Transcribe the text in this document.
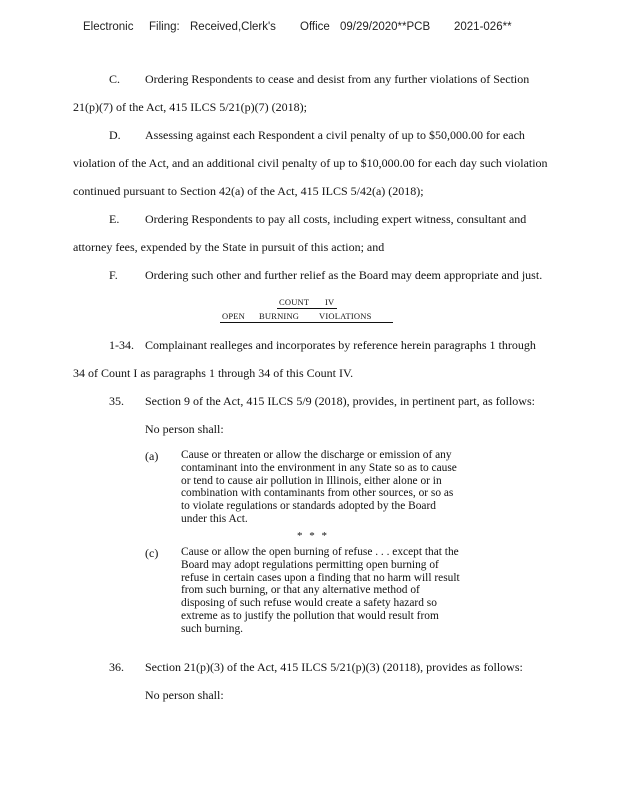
Electronic Filing: Received,Clerk's Office 09/29/2020**PCB 2021-026**
C. Ordering Respondents to cease and desist from any further violations of Section
21(p)(7) of the Act, 415 ILCS 5/21(p)(7) (2018);
D. Assessing against each Respondent a civil penalty of up to $50,000.00 for each
violation of the Act, and an additional civil penalty of up to $10,000.00 for each day such violation
continued pursuant to Section 42(a) of the Act, 415 ILCS 5/42(a) (2018);
E. Ordering Respondents to pay all costs, including expert witness, consultant and
attorney fees, expended by the State in pursuit of this action; and
F. Ordering such other and further relief as the Board may deem appropriate and just.
COUNT IV
OPEN BURNING VIOLATIONS
1-34. Complainant realleges and incorporates by reference herein paragraphs 1 through
34 of Count I as paragraphs 1 through 34 of this Count IV.
35. Section 9 of the Act, 415 ILCS 5/9 (2018), provides, in pertinent part, as follows:
No person shall:
(a) Cause or threaten or allow the discharge or emission of any
contaminant into the environment in any State so as to cause
or tend to cause air pollution in Illinois, either alone or in
combination with contaminants from other sources, or so as
to violate regulations or standards adopted by the Board
under this Act.
* * *
(c) Cause or allow the open burning of refuse . . . except that the
Board may adopt regulations permitting open burning of
refuse in certain cases upon a finding that no harm will result
from such burning, or that any alternative method of
disposing of such refuse would create a safety hazard so
extreme as to justify the pollution that would result from
such burning.
36. Section 21(p)(3) of the Act, 415 ILCS 5/21(p)(3) (20118), provides as follows:
No person shall:
